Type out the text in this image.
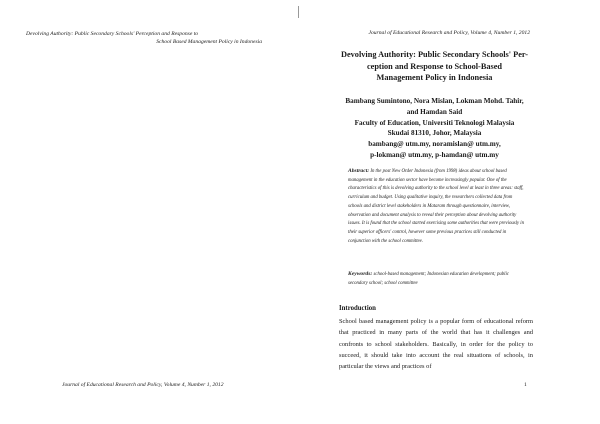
Devolving Authority: Public Secondary Schools' Perception and Response to
School Based Management Policy in Indonesia
Journal of Educational Research and Policy, Volume 4, Number 1, 2012
Journal of Educational Research and Policy, Volume 4, Number 1, 2012
Devolving Authority: Public Secondary Schools' Per-
ception and Response to School-Based
Management Policy in Indonesia
Bambang Sumintono, Nora Mislan, Lokman Mohd. Tahir,
and Hamdan Said
Faculty of Education, Universiti Teknologi Malaysia
Skudai 81310, Johor, Malaysia
bambang@ utm.my, noramislan@ utm.my,
p-lokman@ utm.my, p-hamdan@ utm.my
Abstract: In the post New Order Indonesia (from 1998) ideas about school based management in the education sector have become increasingly popular. One of the characteristics of this is devolving authority to the school level at least in three areas: staff, curriculum and budget. Using qualitative inquiry, the researchers collected data from schools and district level stakeholders in Mataram through questionnaire, interview, observation and document analysis to reveal their perception about devolving authority issues. It is found that the school started exercising some authorities that were previously in their superior officers' control, however some previous practices still conducted in conjunction with the school committee.
Keywords: school-based management; Indonesian education development; public secondary school; school committee
Introduction
School based management policy is a popular form of educational reform that practiced in many parts of the world that has it challenges and confronts to school stakeholders. Basically, in order for the policy to succeed, it should take into account the real situations of schools, in particular the views and practices of
1
